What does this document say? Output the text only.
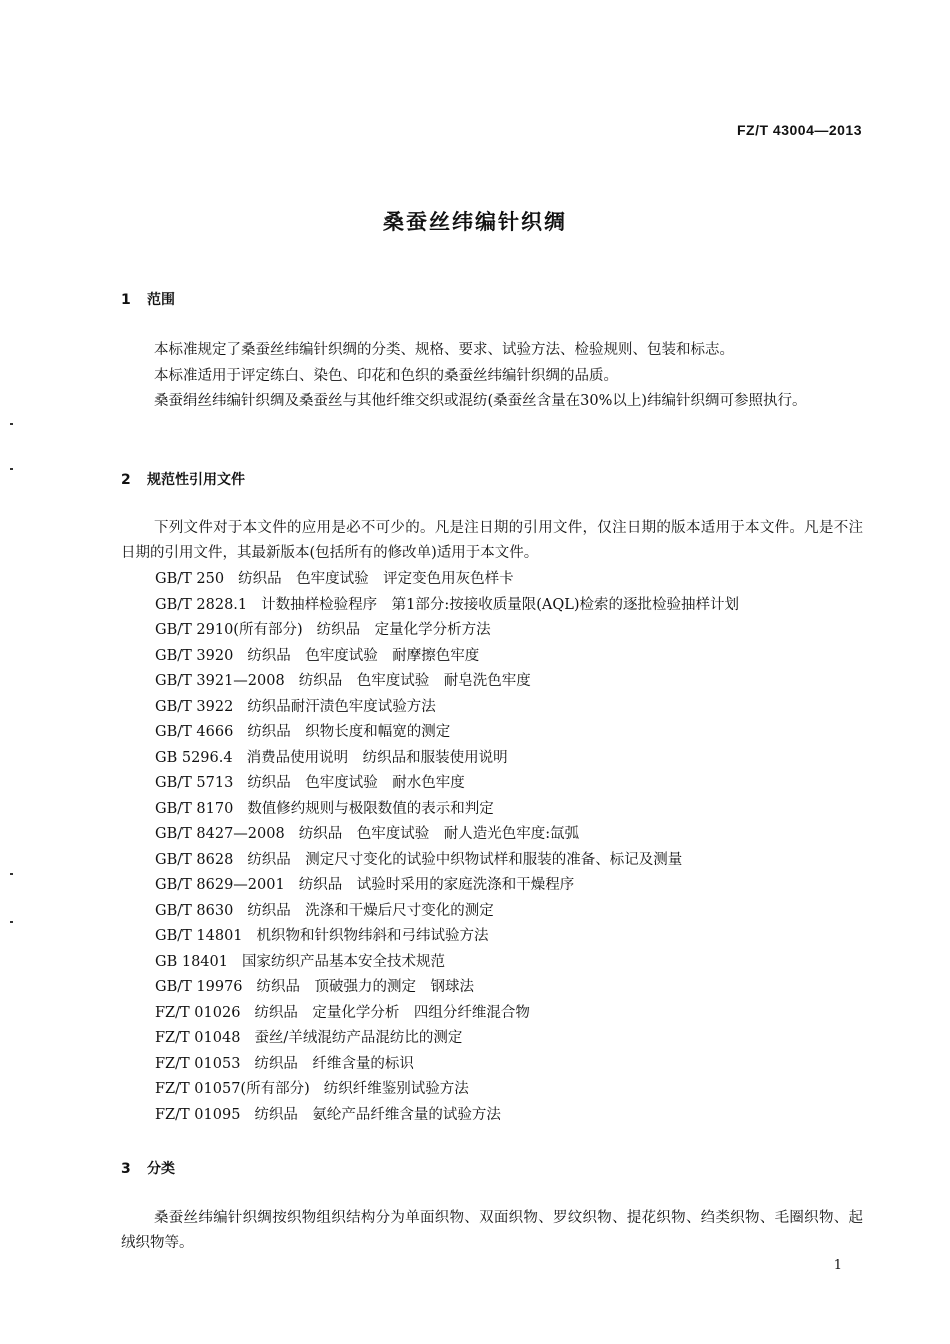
FZ/T 43004—2013
桑蚕丝纬编针织绸
1 范围
本标准规定了桑蚕丝纬编针织绸的分类、规格、要求、试验方法、检验规则、包装和标志。
本标准适用于评定练白、染色、印花和色织的桑蚕丝纬编针织绸的品质。
桑蚕绢丝纬编针织绸及桑蚕丝与其他纤维交织或混纺(桑蚕丝含量在30%以上)纬编针织绸可参照执行。
2 规范性引用文件
下列文件对于本文件的应用是必不可少的。凡是注日期的引用文件，仅注日期的版本适用于本文件。凡是不注日期的引用文件，其最新版本(包括所有的修改单)适用于本文件。
GB/T 250 纺织品　色牢度试验　评定变色用灰色样卡
GB/T 2828.1 计数抽样检验程序　第1部分:按接收质量限(AQL)检索的逐批检验抽样计划
GB/T 2910(所有部分) 纺织品　定量化学分析方法
GB/T 3920 纺织品　色牢度试验　耐摩擦色牢度
GB/T 3921—2008 纺织品　色牢度试验　耐皂洗色牢度
GB/T 3922 纺织品耐汗渍色牢度试验方法
GB/T 4666 纺织品　织物长度和幅宽的测定
GB 5296.4 消费品使用说明　纺织品和服装使用说明
GB/T 5713 纺织品　色牢度试验　耐水色牢度
GB/T 8170 数值修约规则与极限数值的表示和判定
GB/T 8427—2008 纺织品　色牢度试验　耐人造光色牢度:氙弧
GB/T 8628 纺织品　测定尺寸变化的试验中织物试样和服装的准备、标记及测量
GB/T 8629—2001 纺织品　试验时采用的家庭洗涤和干燥程序
GB/T 8630 纺织品　洗涤和干燥后尺寸变化的测定
GB/T 14801 机织物和针织物纬斜和弓纬试验方法
GB 18401 国家纺织产品基本安全技术规范
GB/T 19976 纺织品　顶破强力的测定　钢球法
FZ/T 01026 纺织品　定量化学分析　四组分纤维混合物
FZ/T 01048 蚕丝/羊绒混纺产品混纺比的测定
FZ/T 01053 纺织品　纤维含量的标识
FZ/T 01057(所有部分) 纺织纤维鉴别试验方法
FZ/T 01095 纺织品　氨纶产品纤维含量的试验方法
3 分类
桑蚕丝纬编针织绸按织物组织结构分为单面织物、双面织物、罗纹织物、提花织物、绉类织物、毛圈织物、起绒织物等。
1
